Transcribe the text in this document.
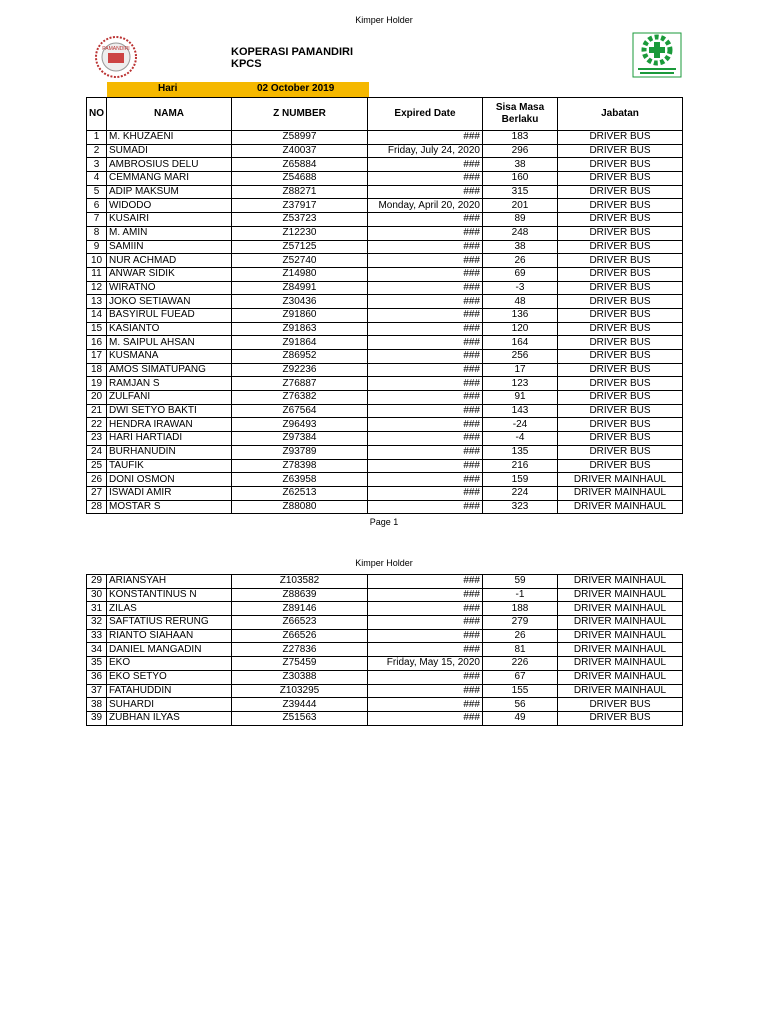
Kimper Holder
PAMANDIRI	KOPERASI PAMANDIRI
KPCS
Hari	02 October 2019
NO	NAMA	Z NUMBER	Expired Date	Sisa Masa Berlaku	Jabatan
1	M. KHUZAENI	Z58997	###	183	DRIVER BUS
2	SUMADI	Z40037	Friday, July 24, 2020	296	DRIVER BUS
3	AMBROSIUS DELU	Z65884	###	38	DRIVER BUS
4	CEMMANG MARI	Z54688	###	160	DRIVER BUS
5	ADIP MAKSUM	Z88271	###	315	DRIVER BUS
6	WIDODO	Z37917	Monday, April 20, 2020	201	DRIVER BUS
7	KUSAIRI	Z53723	###	89	DRIVER BUS
8	M. AMIN	Z12230	###	248	DRIVER BUS
9	SAMIIN	Z57125	###	38	DRIVER BUS
10	NUR ACHMAD	Z52740	###	26	DRIVER BUS
11	ANWAR SIDIK	Z14980	###	69	DRIVER BUS
12	WIRATNO	Z84991	###	-3	DRIVER BUS
13	JOKO SETIAWAN	Z30436	###	48	DRIVER BUS
14	BASYIRUL FUEAD	Z91860	###	136	DRIVER BUS
15	KASIANTO	Z91863	###	120	DRIVER BUS
16	M. SAIPUL AHSAN	Z91864	###	164	DRIVER BUS
17	KUSMANA	Z86952	###	256	DRIVER BUS
18	AMOS SIMATUPANG	Z92236	###	17	DRIVER BUS
19	RAMJAN S	Z76887	###	123	DRIVER BUS
20	ZULFANI	Z76382	###	91	DRIVER BUS
21	DWI SETYO BAKTI	Z67564	###	143	DRIVER BUS
22	HENDRA IRAWAN	Z96493	###	-24	DRIVER BUS
23	HARI HARTIADI	Z97384	###	-4	DRIVER BUS
24	BURHANUDIN	Z93789	###	135	DRIVER BUS
25	TAUFIK	Z78398	###	216	DRIVER BUS
26	DONI OSMON	Z63958	###	159	DRIVER MAINHAUL
27	ISWADI AMIR	Z62513	###	224	DRIVER MAINHAUL
28	MOSTAR S	Z88080	###	323	DRIVER MAINHAUL
Page 1
Kimper Holder
29	ARIANSYAH	Z103582	###	59	DRIVER MAINHAUL
30	KONSTANTINUS N	Z88639	###	-1	DRIVER MAINHAUL
31	ZILAS	Z89146	###	188	DRIVER MAINHAUL
32	SAFTATIUS RERUNG	Z66523	###	279	DRIVER MAINHAUL
33	RIANTO SIAHAAN	Z66526	###	26	DRIVER MAINHAUL
34	DANIEL MANGADIN	Z27836	###	81	DRIVER MAINHAUL
35	EKO	Z75459	Friday, May 15, 2020	226	DRIVER MAINHAUL
36	EKO SETYO	Z30388	###	67	DRIVER MAINHAUL
37	FATAHUDDIN	Z103295	###	155	DRIVER MAINHAUL
38	SUHARDI	Z39444	###	56	DRIVER BUS
39	ZUBHAN ILYAS	Z51563	###	49	DRIVER BUS
